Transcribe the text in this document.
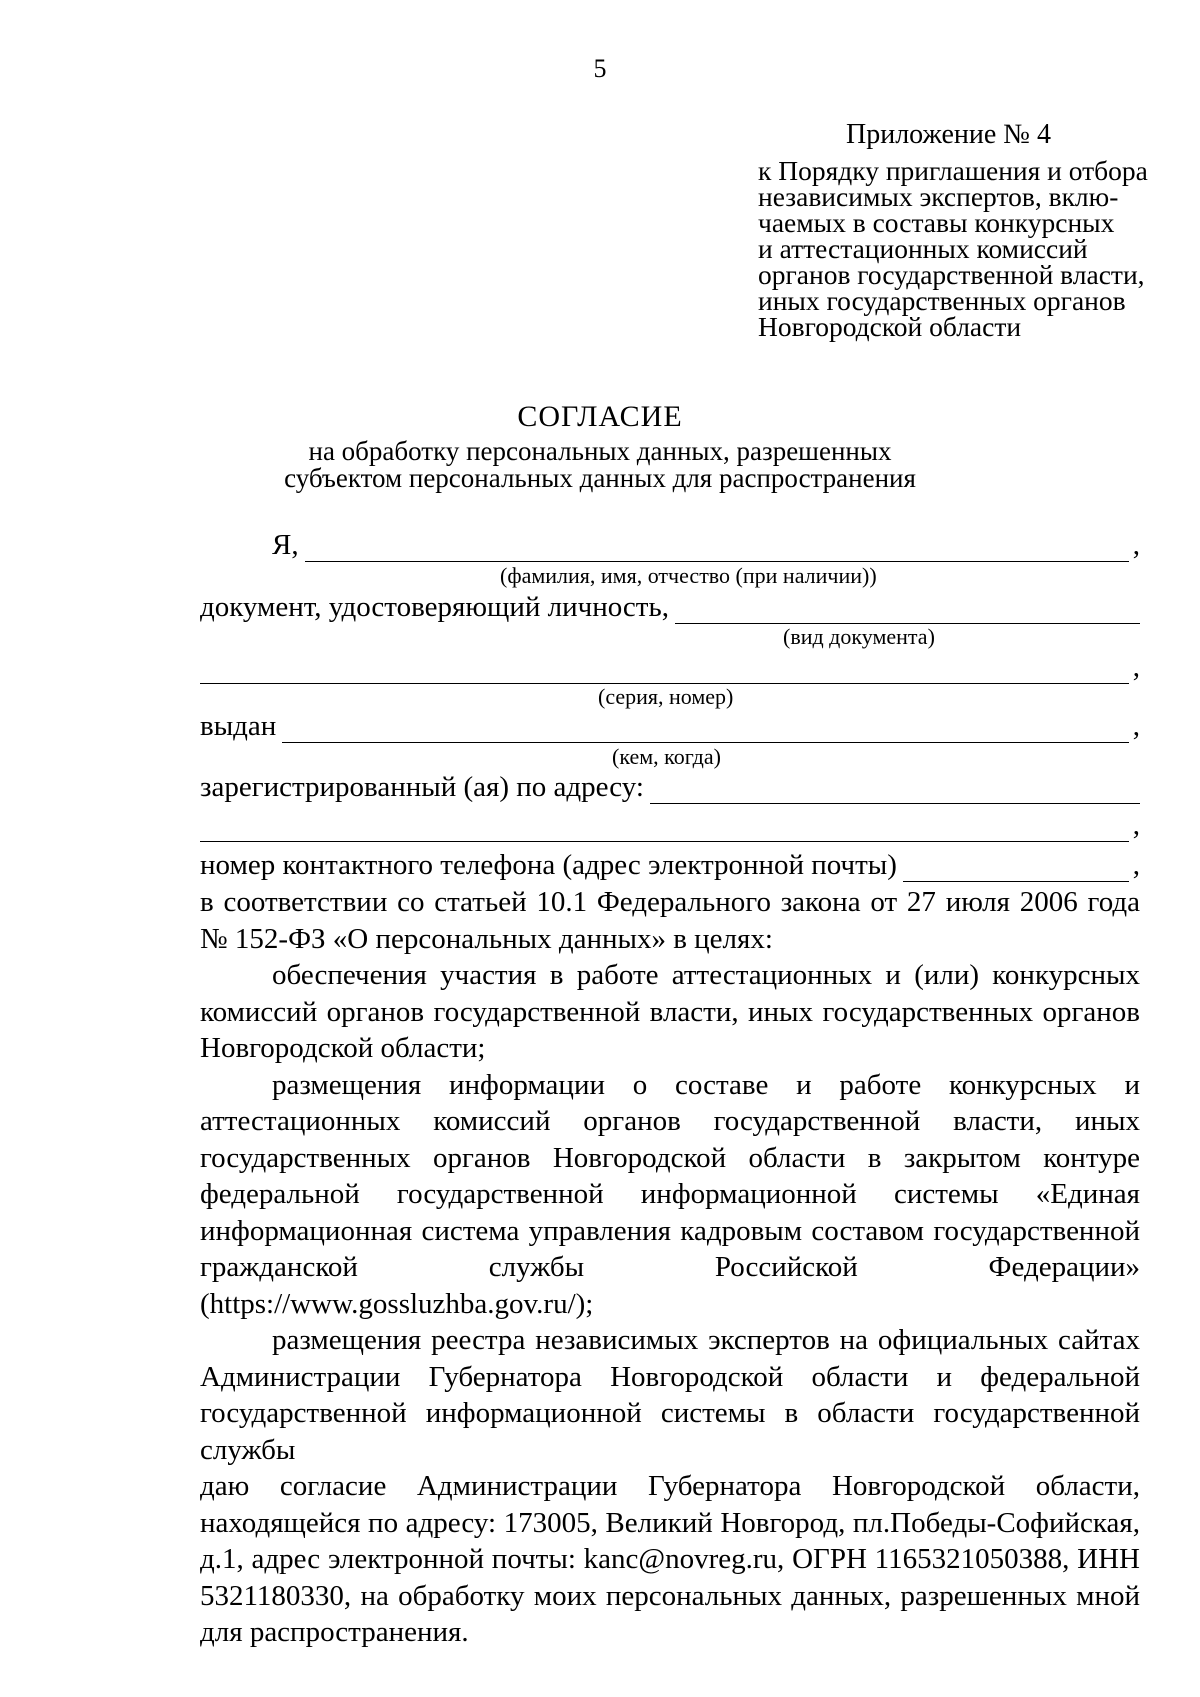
5
Приложение № 4
к Порядку приглашения и отбора
независимых экспертов, вклю-
чаемых в составы конкурсных
и аттестационных комиссий
органов государственной власти,
иных государственных органов
Новгородской области
СОГЛАСИЕ
на обработку персональных данных, разрешенных
субъектом персональных данных для распространения
Я,	,
(фамилия, имя, отчество (при наличии))
документ, удостоверяющий личность,
(вид документа)
,
(серия, номер)
выдан	,
(кем, когда)
зарегистрированный (ая) по адресу:
,
номер контактного телефона (адрес электронной почты)	,
в соответствии со статьей 10.1 Федерального закона от 27 июля 2006 года № 152-ФЗ «О персональных данных» в целях:
обеспечения участия в работе аттестационных и (или) конкурсных комиссий органов государственной власти, иных государственных органов Новгородской области;
размещения информации о составе и работе конкурсных и аттестационных комиссий органов государственной власти, иных государственных органов Новгородской области в закрытом контуре федеральной государственной информационной системы «Единая информационная система управления кадровым составом государственной гражданской службы Российской Федерации» (https://www.gossluzhba.gov.ru/);
размещения реестра независимых экспертов на официальных сайтах Администрации Губернатора Новгородской области и федеральной государственной информационной системы в области государственной службы
даю согласие Администрации Губернатора Новгородской области, находящейся по адресу: 173005, Великий Новгород, пл.Победы-Софийская, д.1, адрес электронной почты: kanc@novreg.ru, ОГРН 1165321050388, ИНН 5321180330, на обработку моих персональных данных, разрешенных мной для распространения.
